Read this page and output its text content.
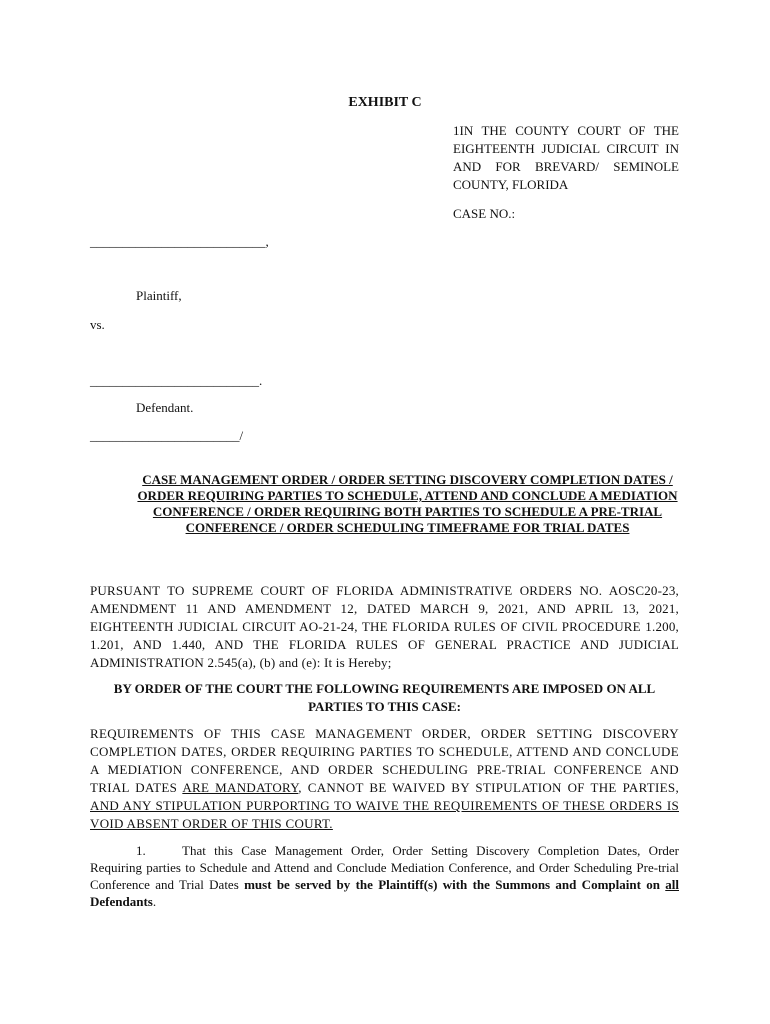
EXHIBIT C
1IN THE COUNTY COURT OF THE EIGHTEENTH JUDICIAL CIRCUIT IN AND FOR BREVARD/ SEMINOLE COUNTY, FLORIDA
CASE NO.:
___________________________,
Plaintiff,
vs.
__________________________.
Defendant.
_______________________/
CASE MANAGEMENT ORDER / ORDER SETTING DISCOVERY COMPLETION DATES / ORDER REQUIRING PARTIES TO SCHEDULE, ATTEND AND CONCLUDE A MEDIATION CONFERENCE / ORDER REQUIRING BOTH PARTIES TO SCHEDULE A PRE-TRIAL CONFERENCE / ORDER SCHEDULING TIMEFRAME FOR TRIAL DATES
PURSUANT TO SUPREME COURT OF FLORIDA ADMINISTRATIVE ORDERS NO. AOSC20-23, AMENDMENT 11 AND AMENDMENT 12, DATED MARCH 9, 2021, AND APRIL 13, 2021, EIGHTEENTH JUDICIAL CIRCUIT AO-21-24, THE FLORIDA RULES OF CIVIL PROCEDURE 1.200, 1.201, AND 1.440, AND THE FLORIDA RULES OF GENERAL PRACTICE AND JUDICIAL ADMINISTRATION 2.545(a), (b) and (e): It is Hereby;
BY ORDER OF THE COURT THE FOLLOWING REQUIREMENTS ARE IMPOSED ON ALL PARTIES TO THIS CASE:
REQUIREMENTS OF THIS CASE MANAGEMENT ORDER, ORDER SETTING DISCOVERY COMPLETION DATES, ORDER REQUIRING PARTIES TO SCHEDULE, ATTEND AND CONCLUDE A MEDIATION CONFERENCE, AND ORDER SCHEDULING PRE-TRIAL CONFERENCE AND TRIAL DATES ARE MANDATORY, CANNOT BE WAIVED BY STIPULATION OF THE PARTIES, AND ANY STIPULATION PURPORTING TO WAIVE THE REQUIREMENTS OF THESE ORDERS IS VOID ABSENT ORDER OF THIS COURT.
1.	That this Case Management Order, Order Setting Discovery Completion Dates, Order Requiring parties to Schedule and Attend and Conclude Mediation Conference, and Order Scheduling Pre-trial Conference and Trial Dates must be served by the Plaintiff(s) with the Summons and Complaint on all Defendants.
